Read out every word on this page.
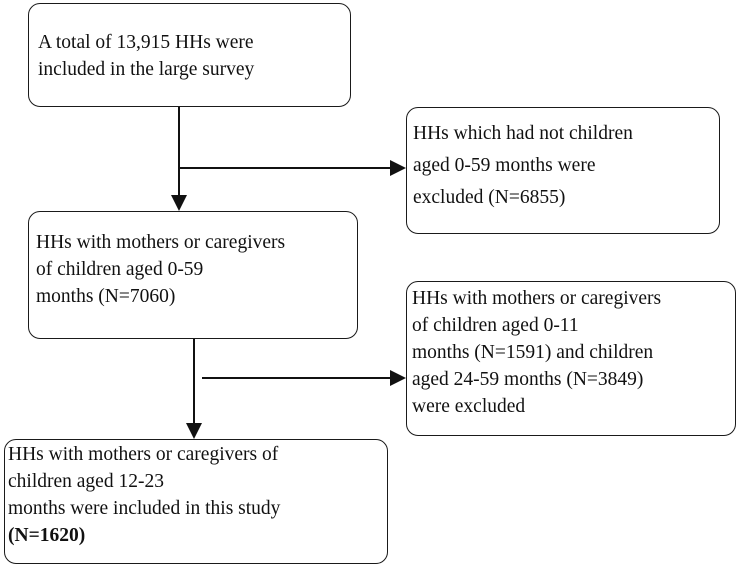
A total of 13,915 HHs were
included in the large survey
HHs which had not children
aged 0-59 months were
excluded (N=6855)
HHs with mothers or caregivers
of children aged 0-59
months (N=7060)	HHs with mothers or caregivers
of children aged 0-11
months (N=1591) and children
aged 24-59 months (N=3849)
were excluded
HHs with mothers or caregivers of
children aged 12-23
months were included in this study
(N=1620)
